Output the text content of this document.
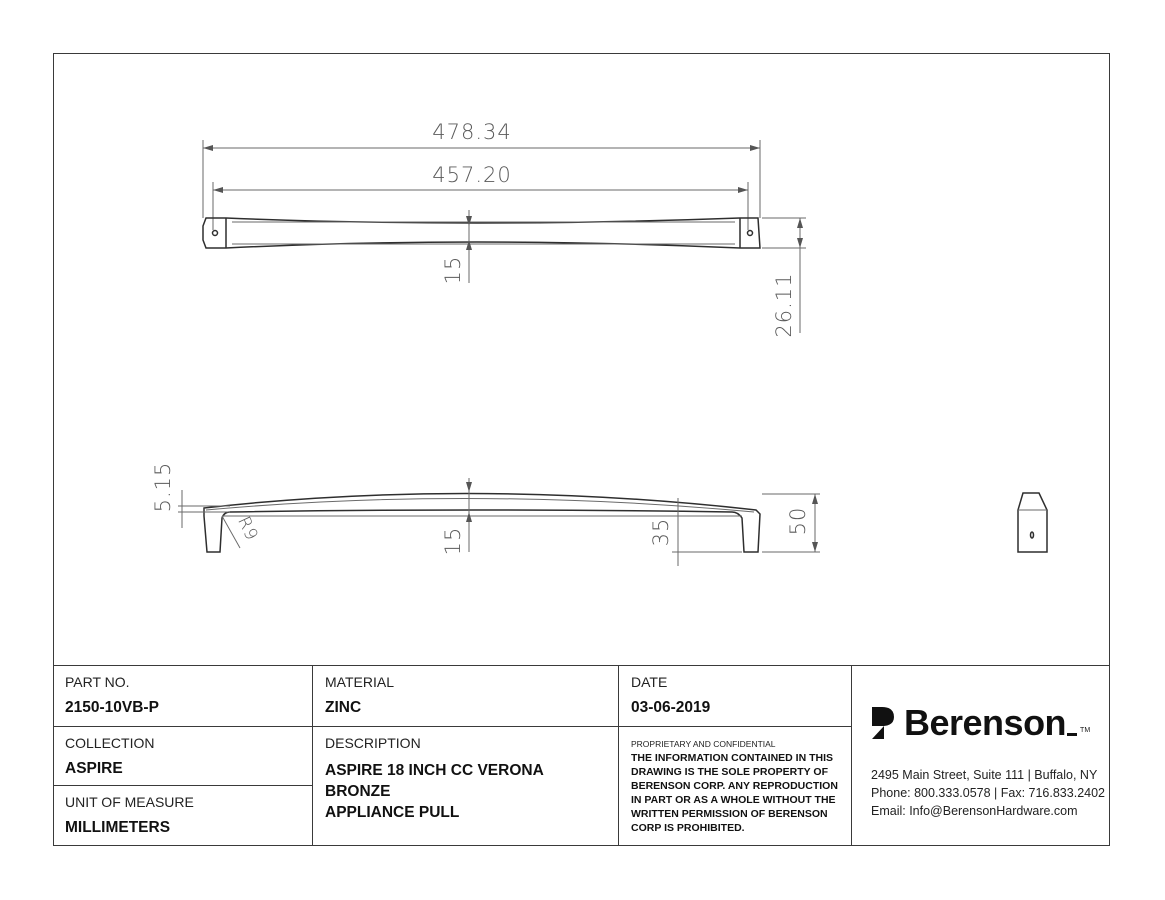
478.34
457.20
15
26.11
5.15
R9	15	35	50
PART NO.
2150-10VB-P
COLLECTION
ASPIRE
UNIT OF MEASURE
MILLIMETERS
MATERIAL
ZINC
DESCRIPTION
ASPIRE 18 INCH CC VERONA BRONZE
APPLIANCE PULL
DATE
03-06-2019
PROPRIETARY AND CONFIDENTIAL
THE INFORMATION CONTAINED IN THIS
DRAWING IS THE SOLE PROPERTY OF
BERENSON CORP. ANY REPRODUCTION
IN PART OR AS A WHOLE WITHOUT THE
WRITTEN PERMISSION OF BERENSON
CORP IS PROHIBITED.
Berenson TM
2495 Main Street, Suite 111 | Buffalo, NY
Phone: 800.333.0578 | Fax: 716.833.2402
Email: Info@BerensonHardware.com
